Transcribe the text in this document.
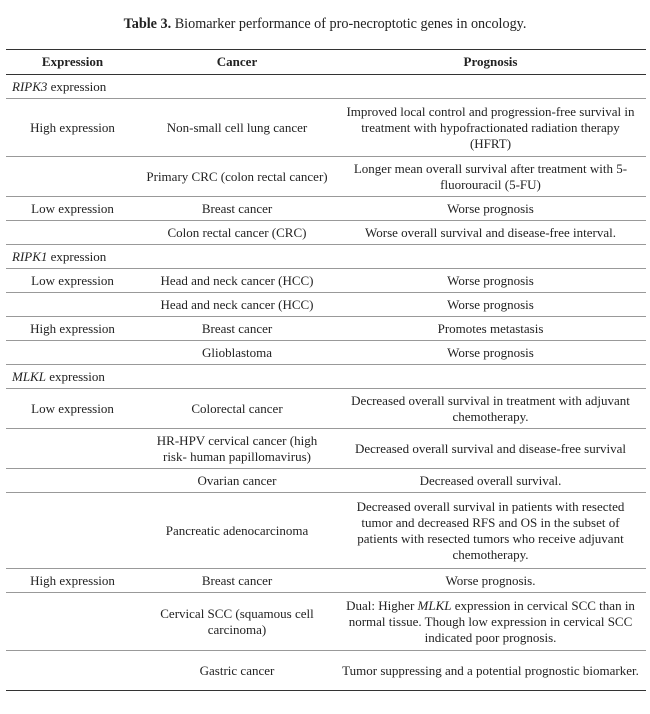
Table 3. Biomarker performance of pro-necroptotic genes in oncology.
Expression	Cancer	Prognosis
RIPK3 expression		
High expression	Non-small cell lung cancer	Improved local control and progression-free survival in treatment with hypofractionated radiation therapy (HFRT)
	Primary CRC (colon rectal cancer)	Longer mean overall survival after treatment with 5-fluorouracil (5-FU)
Low expression	Breast cancer	Worse prognosis
	Colon rectal cancer (CRC)	Worse overall survival and disease-free interval.
RIPK1 expression		
Low expression	Head and neck cancer (HCC)	Worse prognosis
	Head and neck cancer (HCC)	Worse prognosis
High expression	Breast cancer	Promotes metastasis
	Glioblastoma	Worse prognosis
MLKL expression		
Low expression	Colorectal cancer	Decreased overall survival in treatment with adjuvant chemotherapy.
	HR-HPV cervical cancer (high risk- human papillomavirus)	Decreased overall survival and disease-free survival
	Ovarian cancer	Decreased overall survival.
	Pancreatic adenocarcinoma	Decreased overall survival in patients with resected tumor and decreased RFS and OS in the subset of patients with resected tumors who receive adjuvant chemotherapy.
High expression	Breast cancer	Worse prognosis.
	Cervical SCC (squamous cell carcinoma)	Dual: Higher MLKL expression in cervical SCC than in normal tissue. Though low expression in cervical SCC indicated poor prognosis.
	Gastric cancer	Tumor suppressing and a potential prognostic biomarker.
